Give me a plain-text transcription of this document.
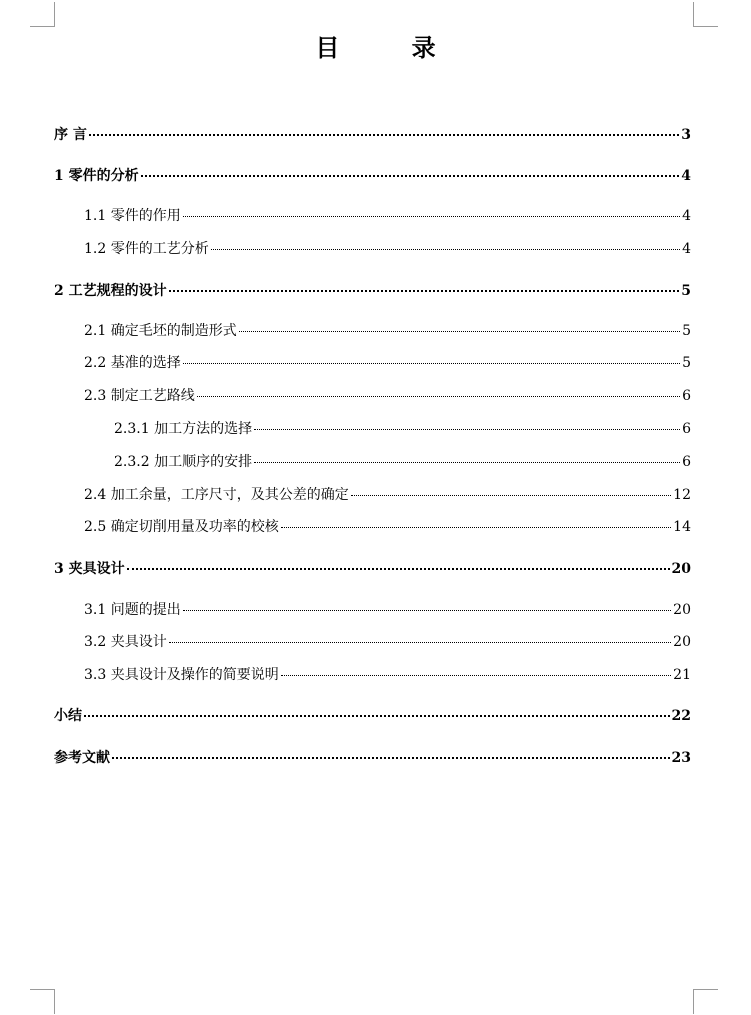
目 录
序 言	3
1 零件的分析	4
1.1 零件的作用	4
1.2 零件的工艺分析	4
2 工艺规程的设计	5
2.1 确定毛坯的制造形式	5
2.2 基准的选择	5
2.3 制定工艺路线	6
2.3.1 加工方法的选择	6
2.3.2 加工顺序的安排	6
2.4 加工余量，工序尺寸，及其公差的确定	12
2.5 确定切削用量及功率的校核	14
3 夹具设计	20
3.1 问题的提出	20
3.2 夹具设计	20
3.3 夹具设计及操作的简要说明	21
小结	22
参考文献	23
